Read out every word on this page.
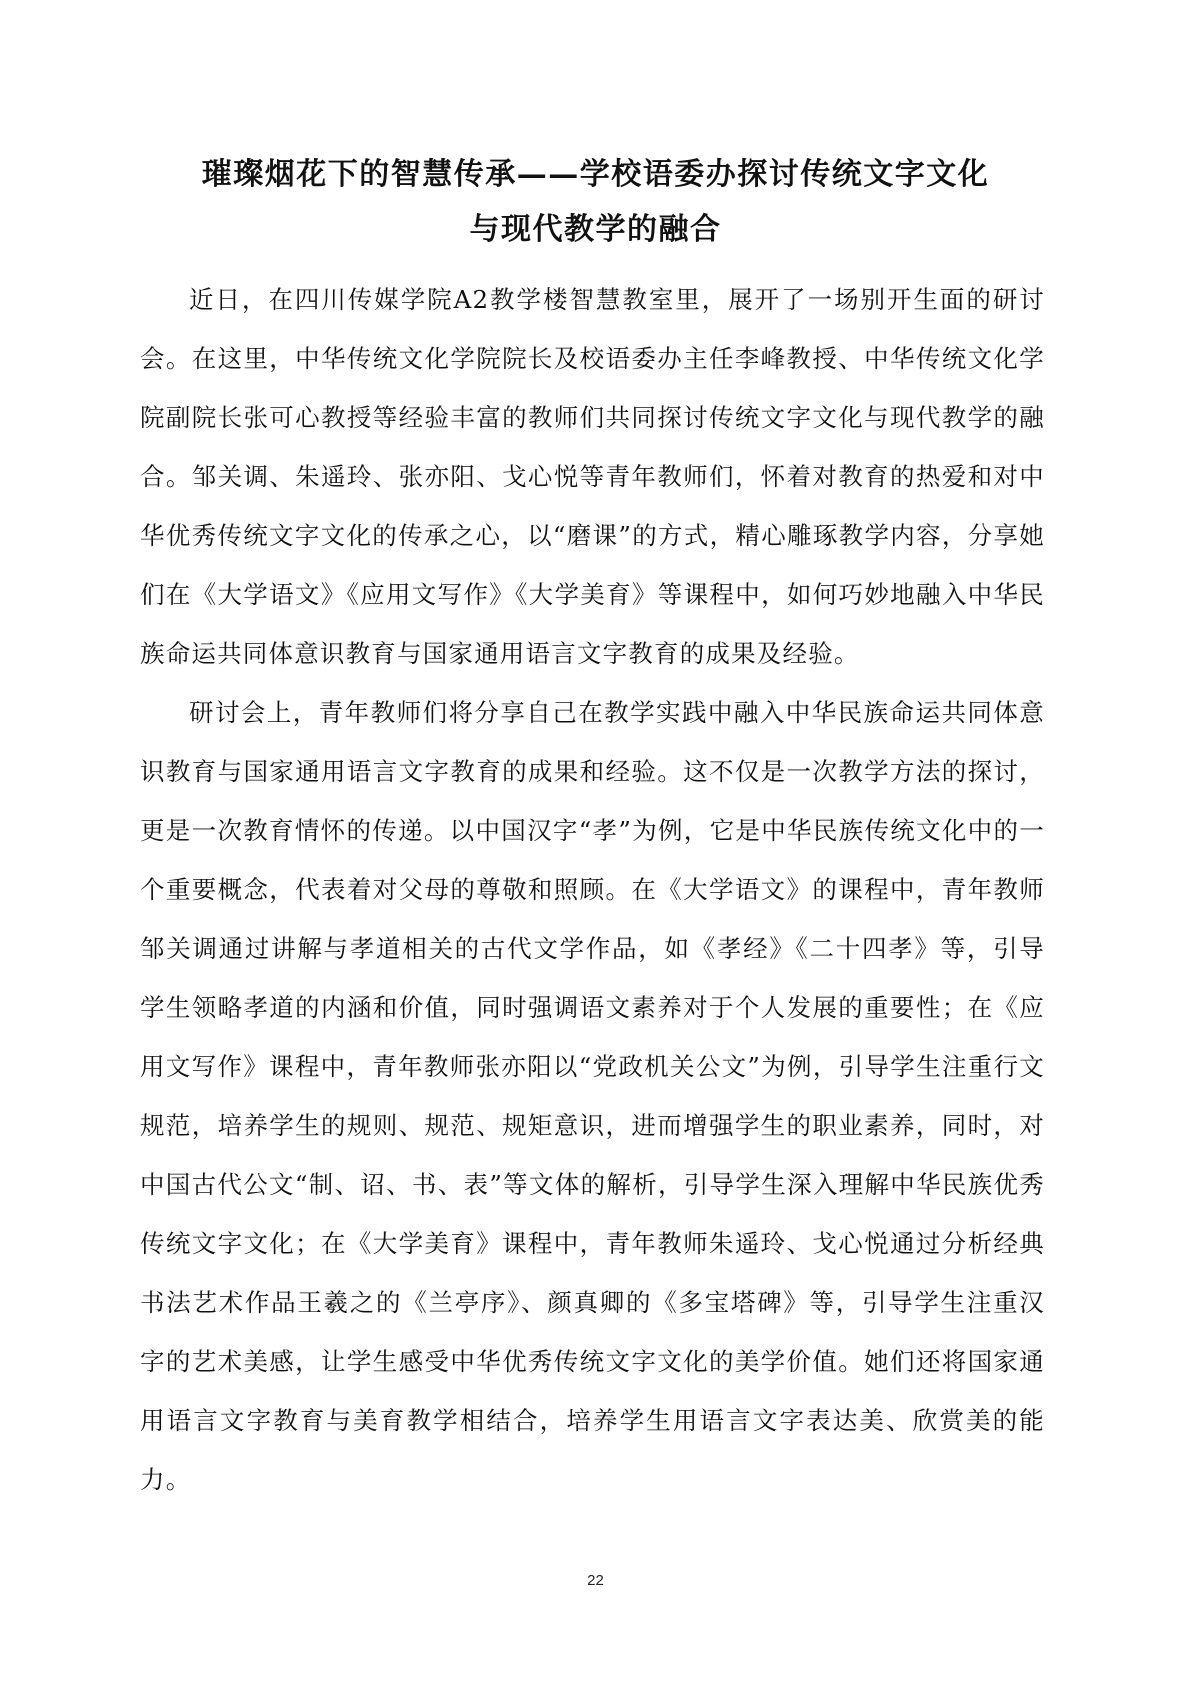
璀璨烟花下的智慧传承——学校语委办探讨传统文字文化
与现代教学的融合

近日，在四川传媒学院A2教学楼智慧教室里，展开了一场别开生面的研讨会。在这里，中华传统文化学院院长及校语委办主任李峰教授、中华传统文化学院副院长张可心教授等经验丰富的教师们共同探讨传统文字文化与现代教学的融合。邹关调、朱遥玲、张亦阳、戈心悦等青年教师们，怀着对教育的热爱和对中华优秀传统文字文化的传承之心，以“磨课”的方式，精心雕琢教学内容，分享她们在《大学语文》《应用文写作》《大学美育》等课程中，如何巧妙地融入中华民族命运共同体意识教育与国家通用语言文字教育的成果及经验。

研讨会上，青年教师们将分享自己在教学实践中融入中华民族命运共同体意识教育与国家通用语言文字教育的成果和经验。这不仅是一次教学方法的探讨，更是一次教育情怀的传递。以中国汉字“孝”为例，它是中华民族传统文化中的一个重要概念，代表着对父母的尊敬和照顾。在《大学语文》的课程中，青年教师邹关调通过讲解与孝道相关的古代文学作品，如《孝经》《二十四孝》等，引导学生领略孝道的内涵和价值，同时强调语文素养对于个人发展的重要性；在《应用文写作》课程中，青年教师张亦阳以“党政机关公文”为例，引导学生注重行文规范，培养学生的规则、规范、规矩意识，进而增强学生的职业素养，同时，对中国古代公文“制、诏、书、表”等文体的解析，引导学生深入理解中华民族优秀传统文字文化；在《大学美育》课程中，青年教师朱遥玲、戈心悦通过分析经典书法艺术作品王羲之的《兰亭序》、颜真卿的《多宝塔碑》等，引导学生注重汉字的艺术美感，让学生感受中华优秀传统文字文化的美学价值。她们还将国家通用语言文字教育与美育教学相结合，培养学生用语言文字表达美、欣赏美的能力。

22
